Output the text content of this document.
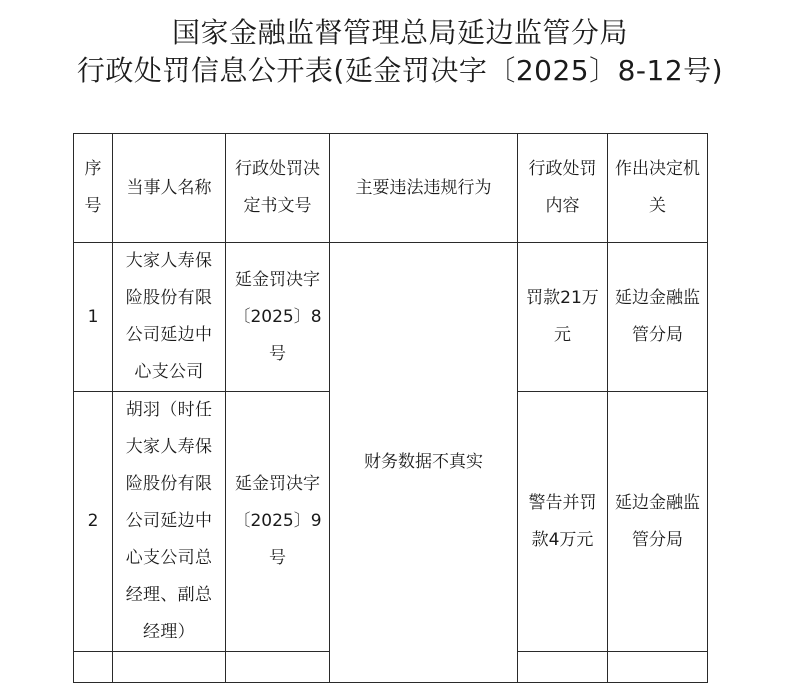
国家金融监督管理总局延边监管分局
行政处罚信息公开表(延金罚决字〔2025〕8-12号)
序号	当事人名称	行政处罚决定书文号	主要违法违规行为	行政处罚内容	作出决定机关
1	大家人寿保险股份有限公司延边中心支公司	延金罚决字〔2025〕8号	财务数据不真实	罚款21万元	延边金融监管分局
2	胡羽（时任大家人寿保险股份有限公司延边中心支公司总经理、副总经理）	延金罚决字〔2025〕9号		警告并罚款4万元	延边金融监管分局
